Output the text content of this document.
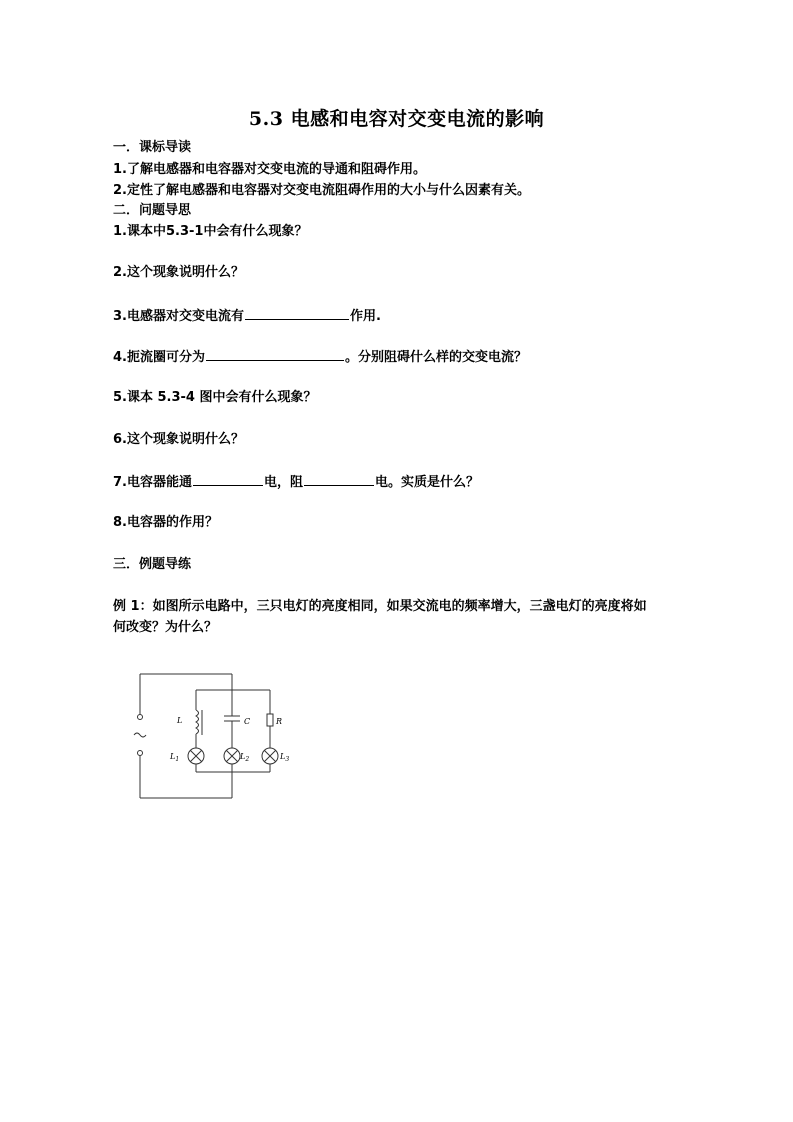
5.3 电感和电容对交变电流的影响
一．课标导读
1.了解电感器和电容器对交变电流的导通和阻碍作用。
2.定性了解电感器和电容器对交变电流阻碍作用的大小与什么因素有关。
二．问题导思
1.课本中5.3-1中会有什么现象？
2.这个现象说明什么？
3.电感器对交变电流有	作用.
4.扼流圈可分为	。分别阻碍什么样的交变电流？
5.课本 5.3-4 图中会有什么现象？
6.这个现象说明什么？
7.电容器能通	电，阻	电。实质是什么？
8.电容器的作用？
三．例题导练
例 1：如图所示电路中，三只电灯的亮度相同，如果交流电的频率增大，三盏电灯的亮度将如
何改变？为什么？
L	C	R
$L_1$	$L_2$	$L_3$
